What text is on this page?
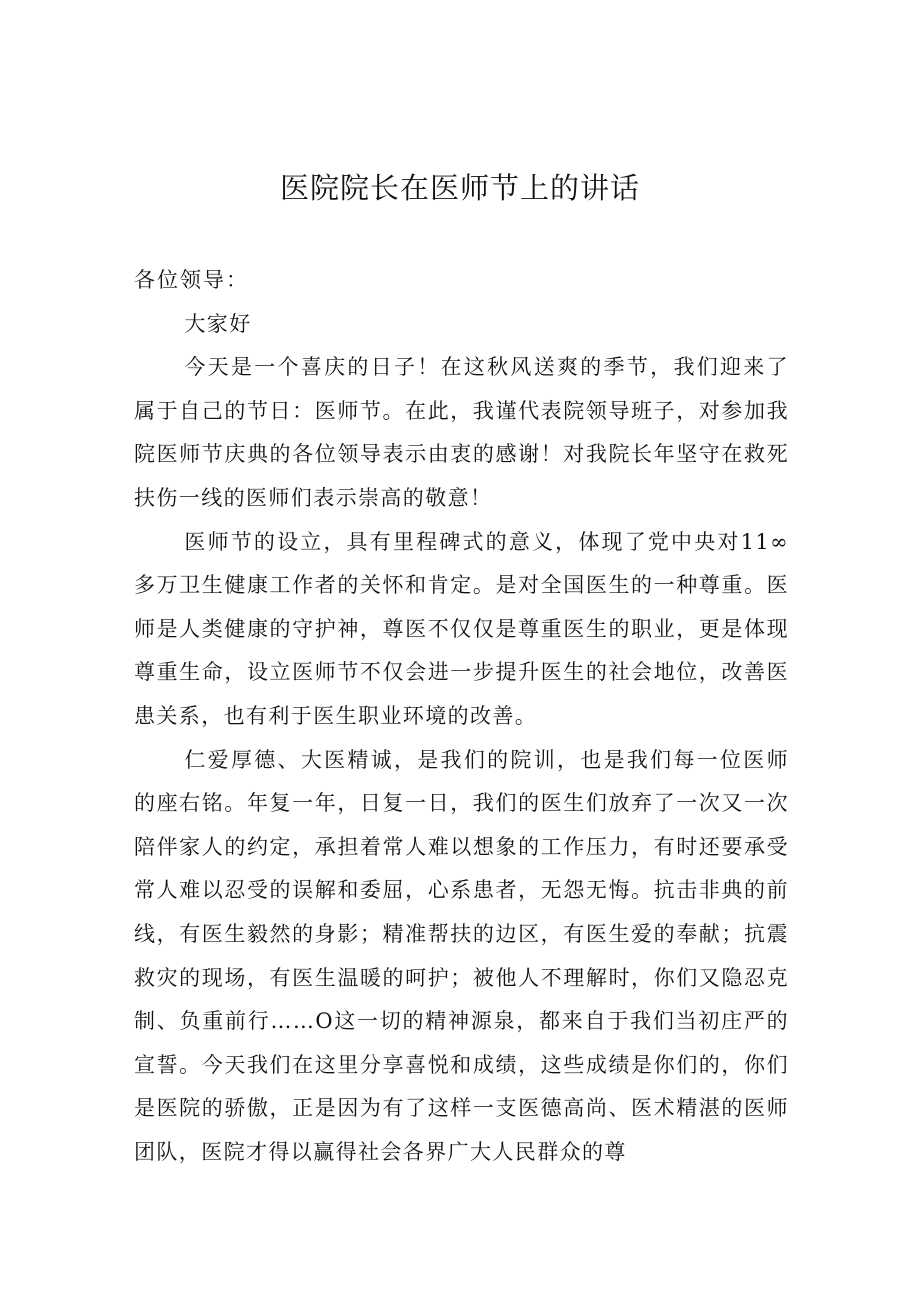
医院院长在医师节上的讲话

各位领导：

大家好

今天是一个喜庆的日子！在这秋风送爽的季节，我们迎来了属于自己的节日：医师节。在此，我谨代表院领导班子，对参加我院医师节庆典的各位领导表示由衷的感谢！对我院长年坚守在救死扶伤一线的医师们表示崇高的敬意！

医师节的设立，具有里程碑式的意义，体现了党中央对11∞多万卫生健康工作者的关怀和肯定。是对全国医生的一种尊重。医师是人类健康的守护神，尊医不仅仅是尊重医生的职业，更是体现尊重生命，设立医师节不仅会进一步提升医生的社会地位，改善医患关系，也有利于医生职业环境的改善。

仁爱厚德、大医精诚，是我们的院训，也是我们每一位医师的座右铭。年复一年，日复一日，我们的医生们放弃了一次又一次陪伴家人的约定，承担着常人难以想象的工作压力，有时还要承受常人难以忍受的误解和委屈，心系患者，无怨无悔。抗击非典的前线，有医生毅然的身影；精准帮扶的边区，有医生爱的奉献；抗震救灾的现场，有医生温暖的呵护；被他人不理解时，你们又隐忍克制、负重前行……O这一切的精神源泉，都来自于我们当初庄严的宣誓。今天我们在这里分享喜悦和成绩，这些成绩是你们的，你们是医院的骄傲，正是因为有了这样一支医德高尚、医术精湛的医师团队，医院才得以赢得社会各界广大人民群众的尊
